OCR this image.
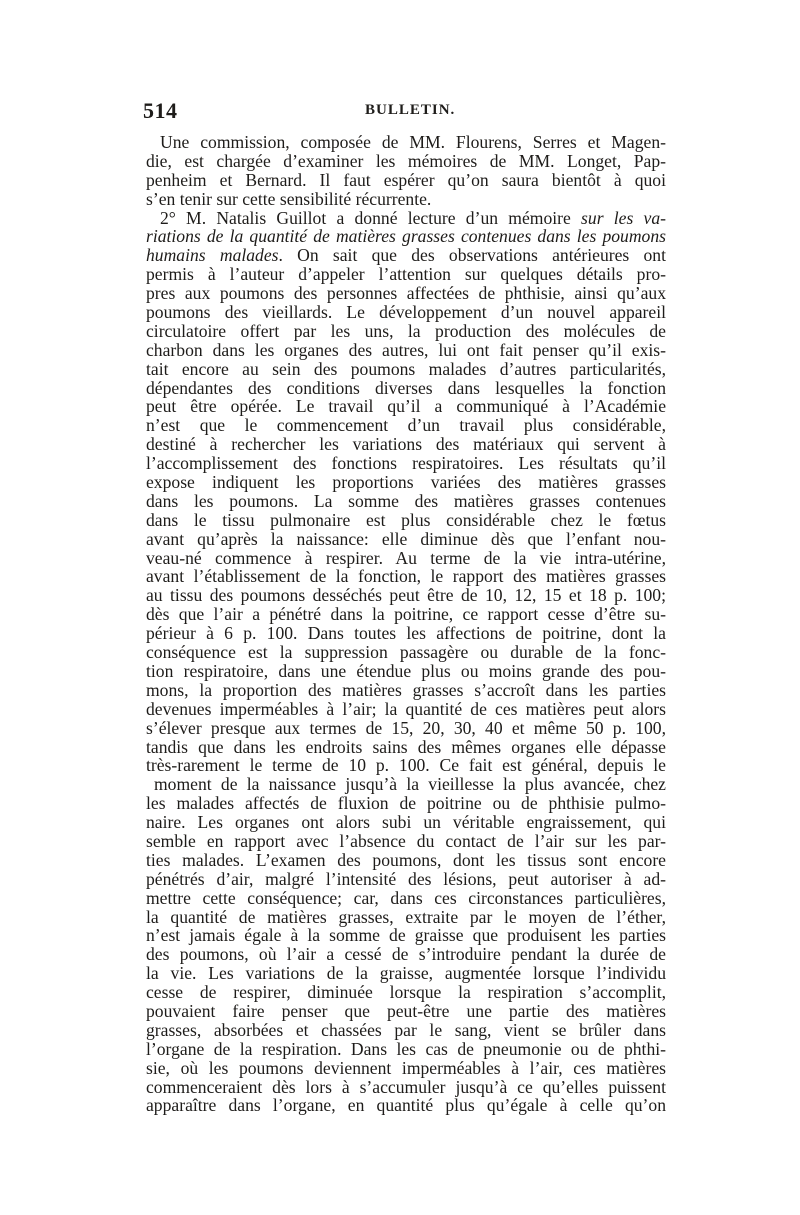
514	BULLETIN.
Une commission, composée de MM. Flourens, Serres et Magen-
die, est chargée d’examiner les mémoires de MM. Longet, Pap-
penheim et Bernard. Il faut espérer qu’on saura bientôt à quoi
s’en tenir sur cette sensibilité récurrente.
2° M. Natalis Guillot a donné lecture d’un mémoire sur les va-
riations de la quantité de matières grasses contenues dans les poumons
humains malades. On sait que des observations antérieures ont
permis à l’auteur d’appeler l’attention sur quelques détails pro-
pres aux poumons des personnes affectées de phthisie, ainsi qu’aux
poumons des vieillards. Le développement d’un nouvel appareil
circulatoire offert par les uns, la production des molécules de
charbon dans les organes des autres, lui ont fait penser qu’il exis-
tait encore au sein des poumons malades d’autres particularités,
dépendantes des conditions diverses dans lesquelles la fonction
peut être opérée. Le travail qu’il a communiqué à l’Académie
n’est que le commencement d’un travail plus considérable,
destiné à rechercher les variations des matériaux qui servent à
l’accomplissement des fonctions respiratoires. Les résultats qu’il
expose indiquent les proportions variées des matières grasses
dans les poumons. La somme des matières grasses contenues
dans le tissu pulmonaire est plus considérable chez le fœtus
avant qu’après la naissance: elle diminue dès que l’enfant nou-
veau-né commence à respirer. Au terme de la vie intra-utérine,
avant l’établissement de la fonction, le rapport des matières grasses
au tissu des poumons desséchés peut être de 10, 12, 15 et 18 p. 100;
dès que l’air a pénétré dans la poitrine, ce rapport cesse d’être su-
périeur à 6 p. 100. Dans toutes les affections de poitrine, dont la
conséquence est la suppression passagère ou durable de la fonc-
tion respiratoire, dans une étendue plus ou moins grande des pou-
mons, la proportion des matières grasses s’accroît dans les parties
devenues imperméables à l’air; la quantité de ces matières peut alors
s’élever presque aux termes de 15, 20, 30, 40 et même 50 p. 100,
tandis que dans les endroits sains des mêmes organes elle dépasse
très-rarement le terme de 10 p. 100. Ce fait est général, depuis le
moment de la naissance jusqu’à la vieillesse la plus avancée, chez
les malades affectés de fluxion de poitrine ou de phthisie pulmo-
naire. Les organes ont alors subi un véritable engraissement, qui
semble en rapport avec l’absence du contact de l’air sur les par-
ties malades. L’examen des poumons, dont les tissus sont encore
pénétrés d’air, malgré l’intensité des lésions, peut autoriser à ad-
mettre cette conséquence; car, dans ces circonstances particulières,
la quantité de matières grasses, extraite par le moyen de l’éther,
n’est jamais égale à la somme de graisse que produisent les parties
des poumons, où l’air a cessé de s’introduire pendant la durée de
la vie. Les variations de la graisse, augmentée lorsque l’individu
cesse de respirer, diminuée lorsque la respiration s’accomplit,
pouvaient faire penser que peut-être une partie des matières
grasses, absorbées et chassées par le sang, vient se brûler dans
l’organe de la respiration. Dans les cas de pneumonie ou de phthi-
sie, où les poumons deviennent imperméables à l’air, ces matières
commenceraient dès lors à s’accumuler jusqu’à ce qu’elles puissent
apparaître dans l’organe, en quantité plus qu’égale à celle qu’on
